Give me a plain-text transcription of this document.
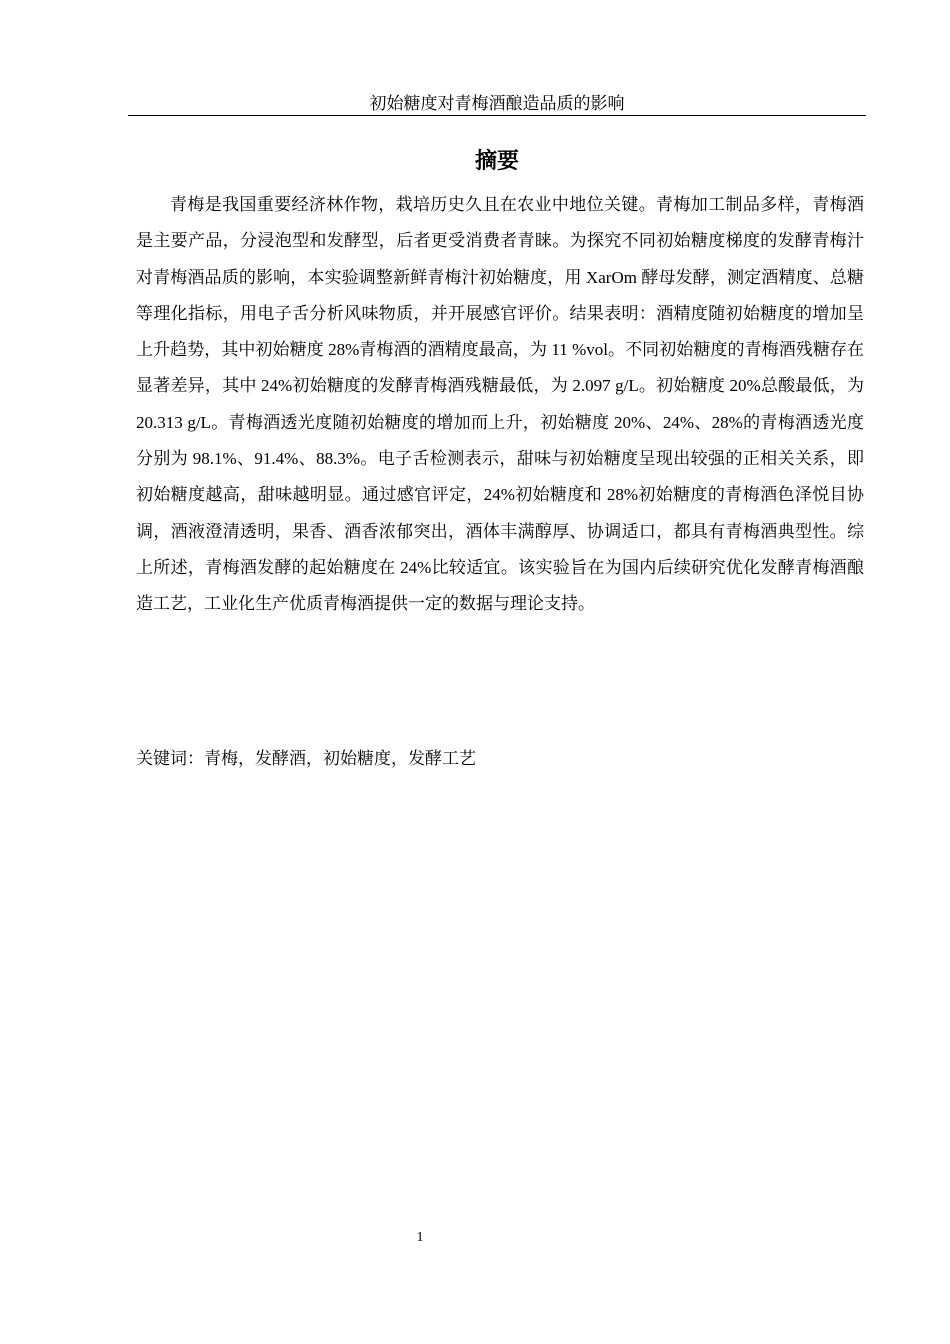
初始糖度对青梅酒酿造品质的影响
摘要

青梅是我国重要经济林作物，栽培历史久且在农业中地位关键。青梅加工制品多样，青梅酒是主要产品，分浸泡型和发酵型，后者更受消费者青睐。为探究不同初始糖度梯度的发酵青梅汁对青梅酒品质的影响，本实验调整新鲜青梅汁初始糖度，用 XarOm 酵母发酵，测定酒精度、总糖等理化指标，用电子舌分析风味物质，并开展感官评价。结果表明：酒精度随初始糖度的增加呈上升趋势，其中初始糖度 28%青梅酒的酒精度最高，为 11 %vol。不同初始糖度的青梅酒残糖存在显著差异，其中 24%初始糖度的发酵青梅酒残糖最低，为 2.097 g/L。初始糖度 20%总酸最低，为 20.313 g/L。青梅酒透光度随初始糖度的增加而上升，初始糖度 20%、24%、28%的青梅酒透光度分别为 98.1%、91.4%、88.3%。电子舌检测表示，甜味与初始糖度呈现出较强的正相关关系，即初始糖度越高，甜味越明显。通过感官评定，24%初始糖度和 28%初始糖度的青梅酒色泽悦目协调，酒液澄清透明，果香、酒香浓郁突出，酒体丰满醇厚、协调适口，都具有青梅酒典型性。综上所述，青梅酒发酵的起始糖度在 24%比较适宜。该实验旨在为国内后续研究优化发酵青梅酒酿造工艺，工业化生产优质青梅酒提供一定的数据与理论支持。

关键词：青梅，发酵酒，初始糖度，发酵工艺
1
